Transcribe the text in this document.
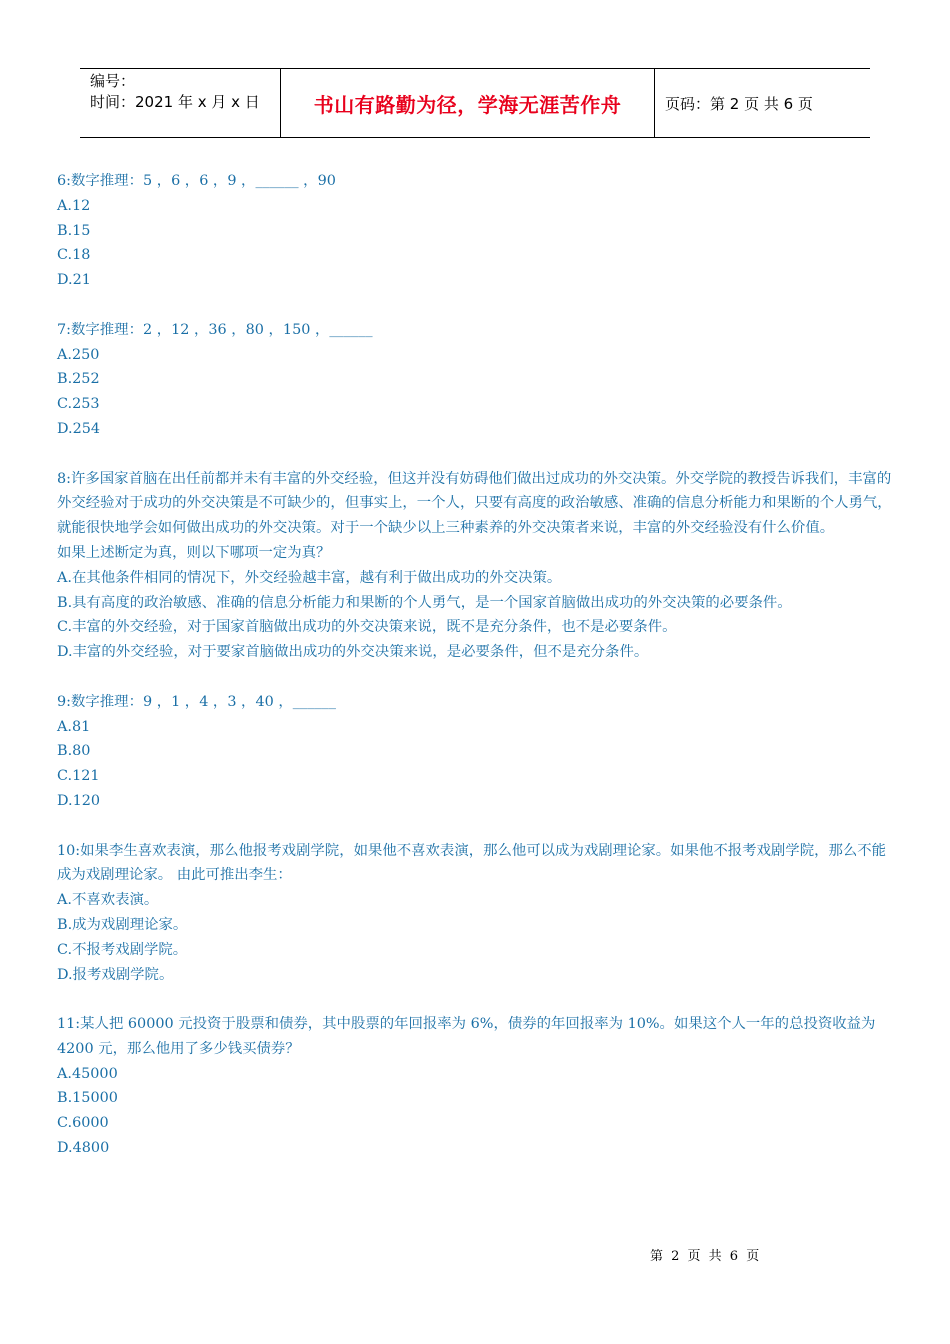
编号：
时间：2021 年 x 月 x 日	书山有路勤为径，学海无涯苦作舟	页码：第 2 页 共 6 页
6:数字推理：5 ，6 ，6 ，9 ，______ ，90
A.12
B.15
C.18
D.21
7:数字推理：2 ，12 ，36 ，80 ，150 ，______
A.250
B.252
C.253
D.254
8:许多国家首脑在出任前都并未有丰富的外交经验，但这并没有妨碍他们做出过成功的外交决策。外交学院的教授告诉我们，丰富的外交经验对于成功的外交决策是不可缺少的，但事实上，一个人，只要有高度的政治敏感、准确的信息分析能力和果断的个人勇气，就能很快地学会如何做出成功的外交决策。对于一个缺少以上三种素养的外交决策者来说，丰富的外交经验没有什么价值。
如果上述断定为真，则以下哪项一定为真？
A.在其他条件相同的情况下，外交经验越丰富，越有利于做出成功的外交决策。
B.具有高度的政治敏感、准确的信息分析能力和果断的个人勇气，是一个国家首脑做出成功的外交决策的必要条件。
C.丰富的外交经验，对于国家首脑做出成功的外交决策来说，既不是充分条件，也不是必要条件。
D.丰富的外交经验，对于要家首脑做出成功的外交决策来说，是必要条件，但不是充分条件。
9:数字推理：9 ，1 ，4 ，3 ，40 ，______
A.81
B.80
C.121
D.120
10:如果李生喜欢表演，那么他报考戏剧学院，如果他不喜欢表演，那么他可以成为戏剧理论家。如果他不报考戏剧学院，那么不能成为戏剧理论家。 由此可推出李生：
A.不喜欢表演。
B.成为戏剧理论家。
C.不报考戏剧学院。
D.报考戏剧学院。
11:某人把 60000 元投资于股票和债券，其中股票的年回报率为 6%，债券的年回报率为 10%。如果这个人一年的总投资收益为 4200 元，那么他用了多少钱买债券？
A.45000
B.15000
C.6000
D.4800
第 2 页 共 6 页
